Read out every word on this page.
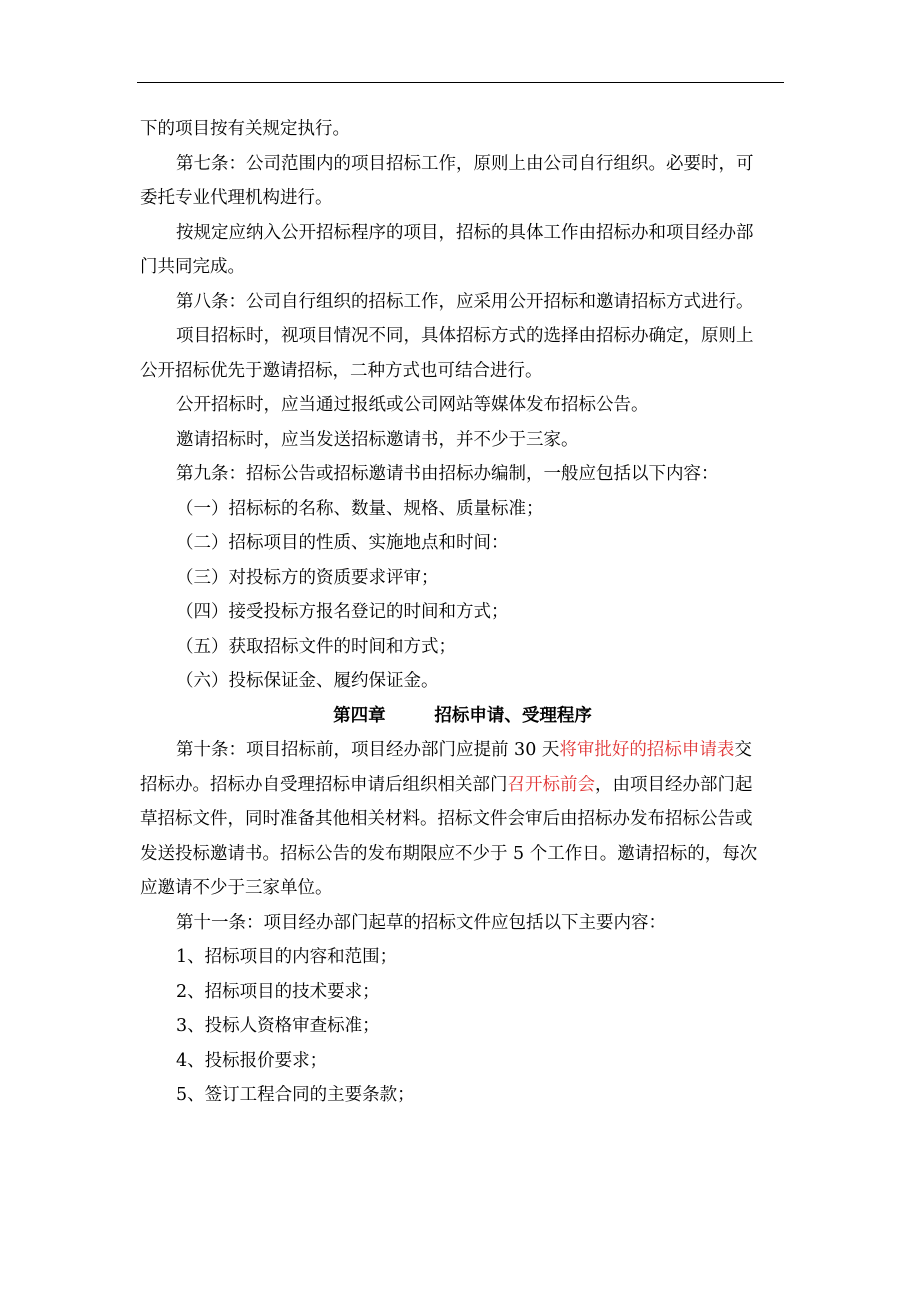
下的项目按有关规定执行。

第七条：公司范围内的项目招标工作，原则上由公司自行组织。必要时，可

委托专业代理机构进行。

按规定应纳入公开招标程序的项目，招标的具体工作由招标办和项目经办部

门共同完成。

第八条：公司自行组织的招标工作，应采用公开招标和邀请招标方式进行。

项目招标时，视项目情况不同，具体招标方式的选择由招标办确定，原则上

公开招标优先于邀请招标，二种方式也可结合进行。

公开招标时，应当通过报纸或公司网站等媒体发布招标公告。

邀请招标时，应当发送招标邀请书，并不少于三家。

第九条：招标公告或招标邀请书由招标办编制，一般应包括以下内容：

（一）招标标的名称、数量、规格、质量标准；

（二）招标项目的性质、实施地点和时间：

（三）对投标方的资质要求评审；

（四）接受投标方报名登记的时间和方式；

（五）获取招标文件的时间和方式；

（六）投标保证金、履约保证金。

第四章	招标申请、受理程序

第十条：项目招标前，项目经办部门应提前 30 天将审批好的招标申请表交

招标办。招标办自受理招标申请后组织相关部门召开标前会，由项目经办部门起

草招标文件，同时准备其他相关材料。招标文件会审后由招标办发布招标公告或

发送投标邀请书。招标公告的发布期限应不少于 5 个工作日。邀请招标的，每次

应邀请不少于三家单位。

第十一条：项目经办部门起草的招标文件应包括以下主要内容：

1、招标项目的内容和范围；

2、招标项目的技术要求；

3、投标人资格审查标准；

4、投标报价要求；

5、签订工程合同的主要条款；
